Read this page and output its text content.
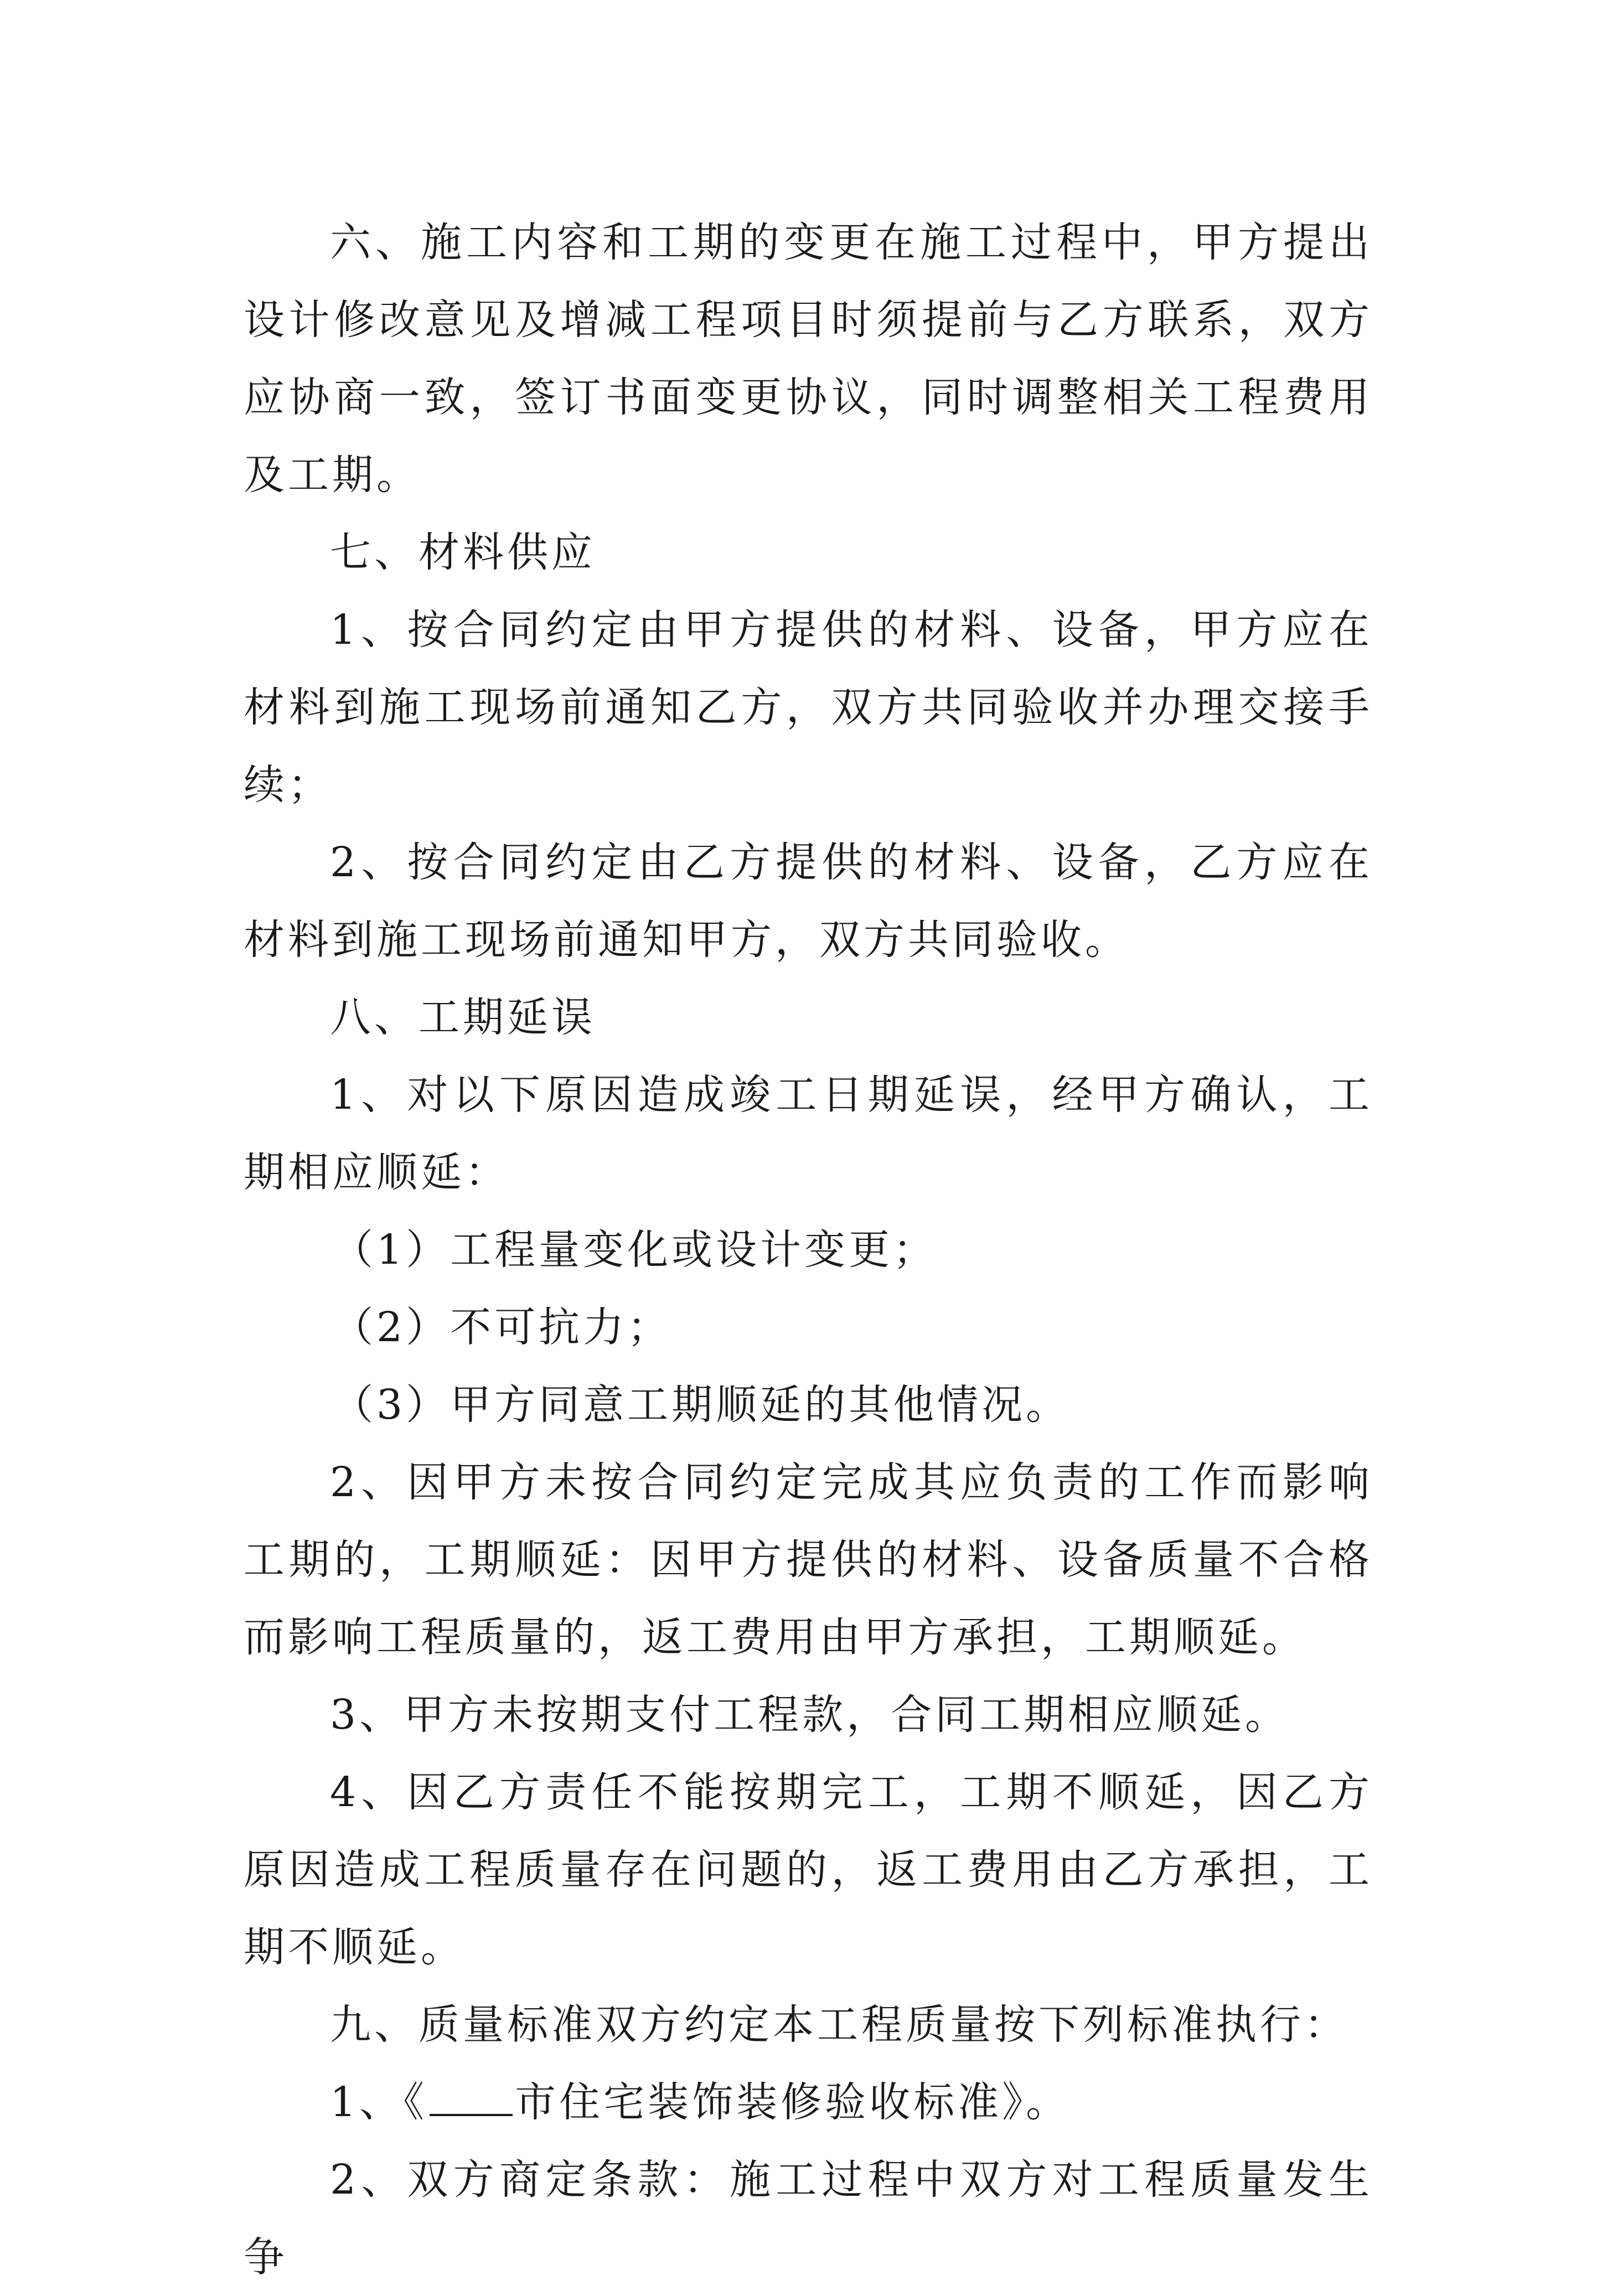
六、施工内容和工期的变更在施工过程中，甲方提出设计修改意见及增减工程项目时须提前与乙方联系，双方应协商一致，签订书面变更协议，同时调整相关工程费用及工期。

七、材料供应

1、按合同约定由甲方提供的材料、设备，甲方应在材料到施工现场前通知乙方，双方共同验收并办理交接手续；

2、按合同约定由乙方提供的材料、设备，乙方应在材料到施工现场前通知甲方，双方共同验收。

八、工期延误

1、对以下原因造成竣工日期延误，经甲方确认，工期相应顺延：

（1）工程量变化或设计变更；

（2）不可抗力；

（3）甲方同意工期顺延的其他情况。

2、因甲方未按合同约定完成其应负责的工作而影响工期的，工期顺延：因甲方提供的材料、设备质量不合格而影响工程质量的，返工费用由甲方承担，工期顺延。

3、甲方未按期支付工程款，合同工期相应顺延。

4、因乙方责任不能按期完工，工期不顺延，因乙方原因造成工程质量存在问题的，返工费用由乙方承担，工期不顺延。

九、质量标准双方约定本工程质量按下列标准执行：

1、《 市住宅装饰装修验收标准》。

2、双方商定条款：施工过程中双方对工程质量发生争
